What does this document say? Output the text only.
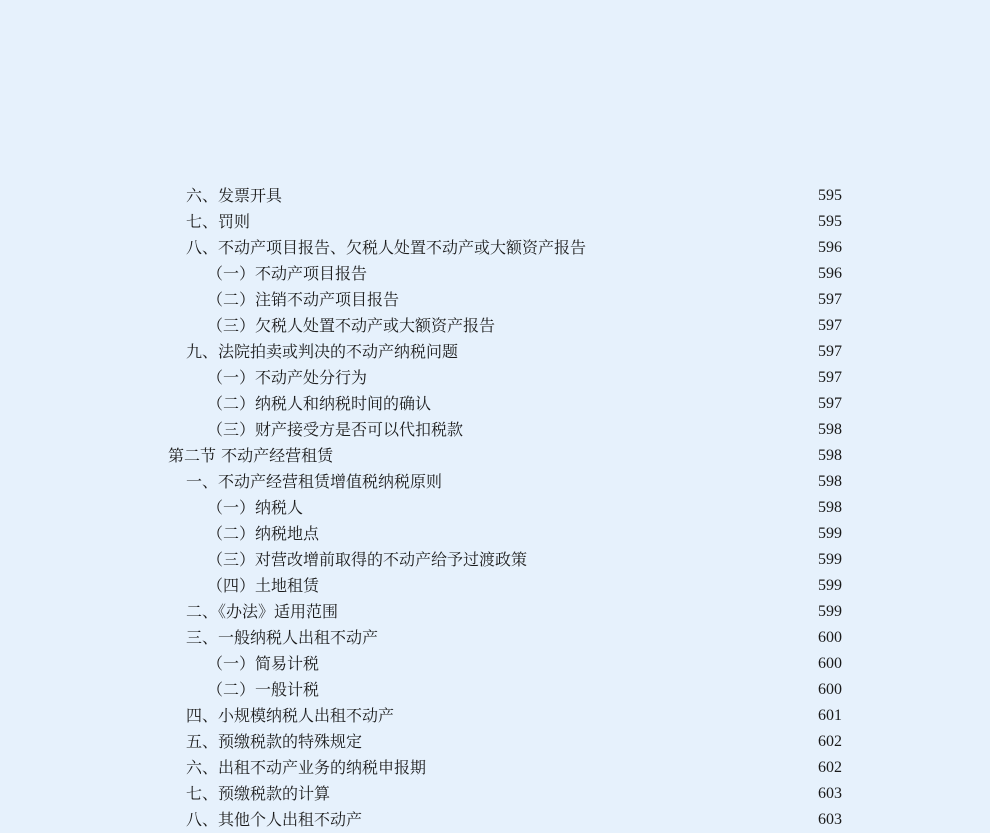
六、发票开具	595
七、罚则	595
八、不动产项目报告、欠税人处置不动产或大额资产报告	596
（一）不动产项目报告	596
（二）注销不动产项目报告	597
（三）欠税人处置不动产或大额资产报告	597
九、法院拍卖或判决的不动产纳税问题	597
（一）不动产处分行为	597
（二）纳税人和纳税时间的确认	597
（三）财产接受方是否可以代扣税款	598
第二节 不动产经营租赁	598
一、不动产经营租赁增值税纳税原则	598
（一）纳税人	598
（二）纳税地点	599
（三）对营改增前取得的不动产给予过渡政策	599
（四）土地租赁	599
二、《办法》适用范围	599
三、一般纳税人出租不动产	600
（一）简易计税	600
（二）一般计税	600
四、小规模纳税人出租不动产	601
五、预缴税款的特殊规定	602
六、出租不动产业务的纳税申报期	602
七、预缴税款的计算	603
八、其他个人出租不动产	603
